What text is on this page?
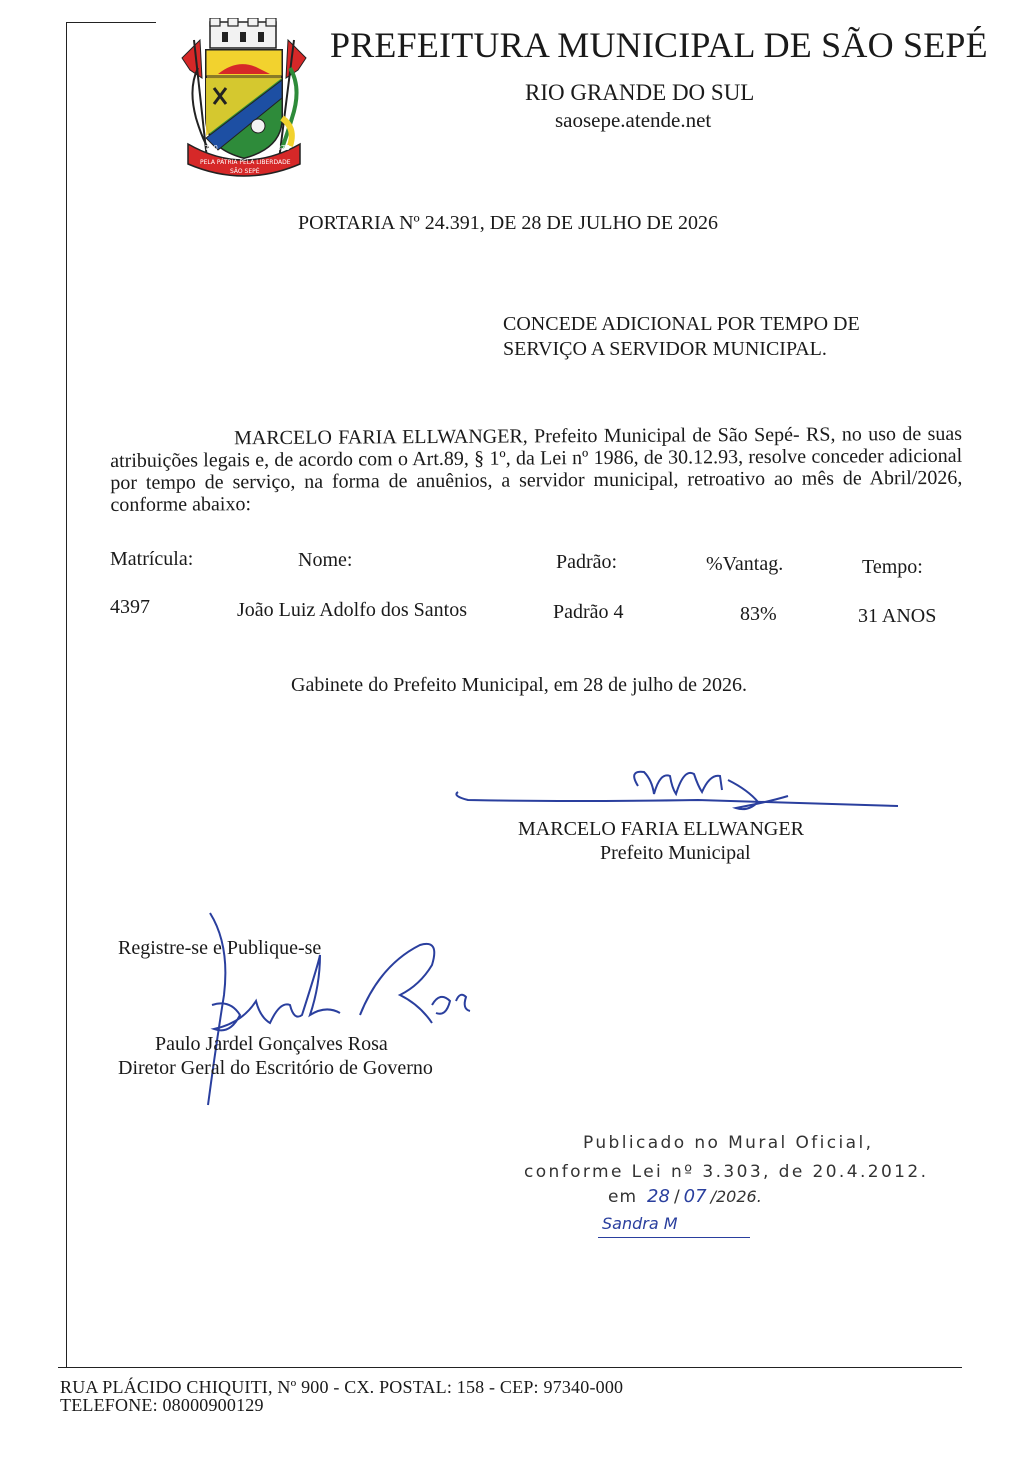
1750	1876
PELA PÁTRIA PELA LIBERDADE
SÃO SEPÉ
PREFEITURA MUNICIPAL DE SÃO SEPÉ
RIO GRANDE DO SUL
saosepe.atende.net
PORTARIA Nº 24.391, DE 28 DE JULHO DE 2026
CONCEDE ADICIONAL POR TEMPO DE
SERVIÇO A SERVIDOR MUNICIPAL.
MARCELO FARIA ELLWANGER, Prefeito Municipal de São Sepé- RS, no uso de suas atribuições legais e, de acordo com o Art.89, § 1º, da Lei nº 1986, de 30.12.93, resolve conceder adicional por tempo de serviço, na forma de anuênios, a servidor municipal, retroativo ao mês de Abril/2026, conforme abaixo:
Matrícula:	Nome:	Padrão:	%Vantag.	Tempo:
4397	João Luiz Adolfo dos Santos	Padrão 4	83%	31 ANOS
Gabinete do Prefeito Municipal, em 28 de julho de 2026.
MARCELO FARIA ELLWANGER
Prefeito Municipal
Registre-se e Publique-se
Paulo Jardel Gonçalves Rosa
Diretor Geral do Escritório de Governo
Publicado no Mural Oficial,
conforme Lei nº 3.303, de 20.4.2012.
em 28 / 07 /2026.
Sandra M
RUA PLÁCIDO CHIQUITI, Nº 900 - CX. POSTAL: 158 - CEP: 97340-000
TELEFONE: 08000900129
